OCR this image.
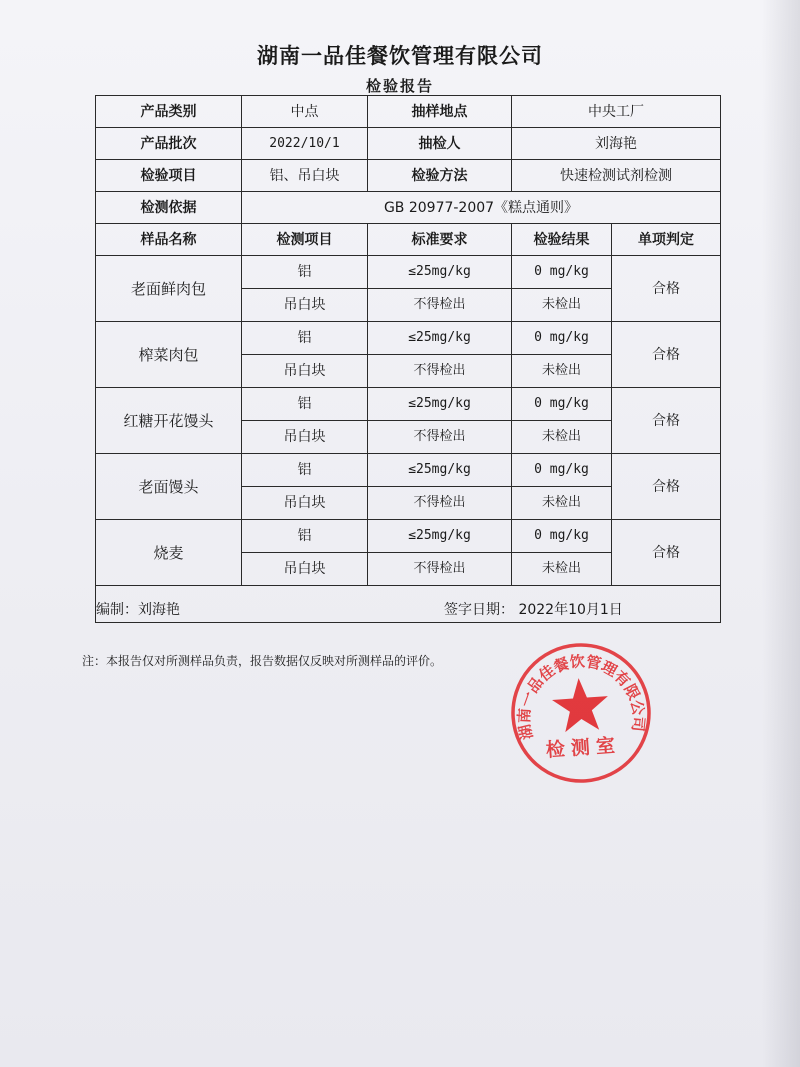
湖南一品佳餐饮管理有限公司
检验报告
产品类别	中点	抽样地点	中央工厂	
产品批次	2022/10/1	抽检人	刘海艳	
检验项目	铝、吊白块	检验方法	快速检测试剂检测	
检测依据	GB 20977-2007《糕点通则》			
样品名称	检测项目	标准要求	检验结果	单项判定
老面鲜肉包	铝	≤25mg/kg	0 mg/kg	合格
	吊白块	不得检出	未检出	
榨菜肉包	铝	≤25mg/kg	0 mg/kg	合格
	吊白块	不得检出	未检出	
红糖开花馒头	铝	≤25mg/kg	0 mg/kg	合格
	吊白块	不得检出	未检出	
老面馒头	铝	≤25mg/kg	0 mg/kg	合格
	吊白块	不得检出	未检出	
烧麦	铝	≤25mg/kg	0 mg/kg	合格
	吊白块	不得检出	未检出	

编制：刘海艳 签字日期： 2022年10月1日				
注：本报告仅对所测样品负责，报告数据仅反映对所测样品的评价。
湖南一品佳餐饮管理有限公司
检测室
